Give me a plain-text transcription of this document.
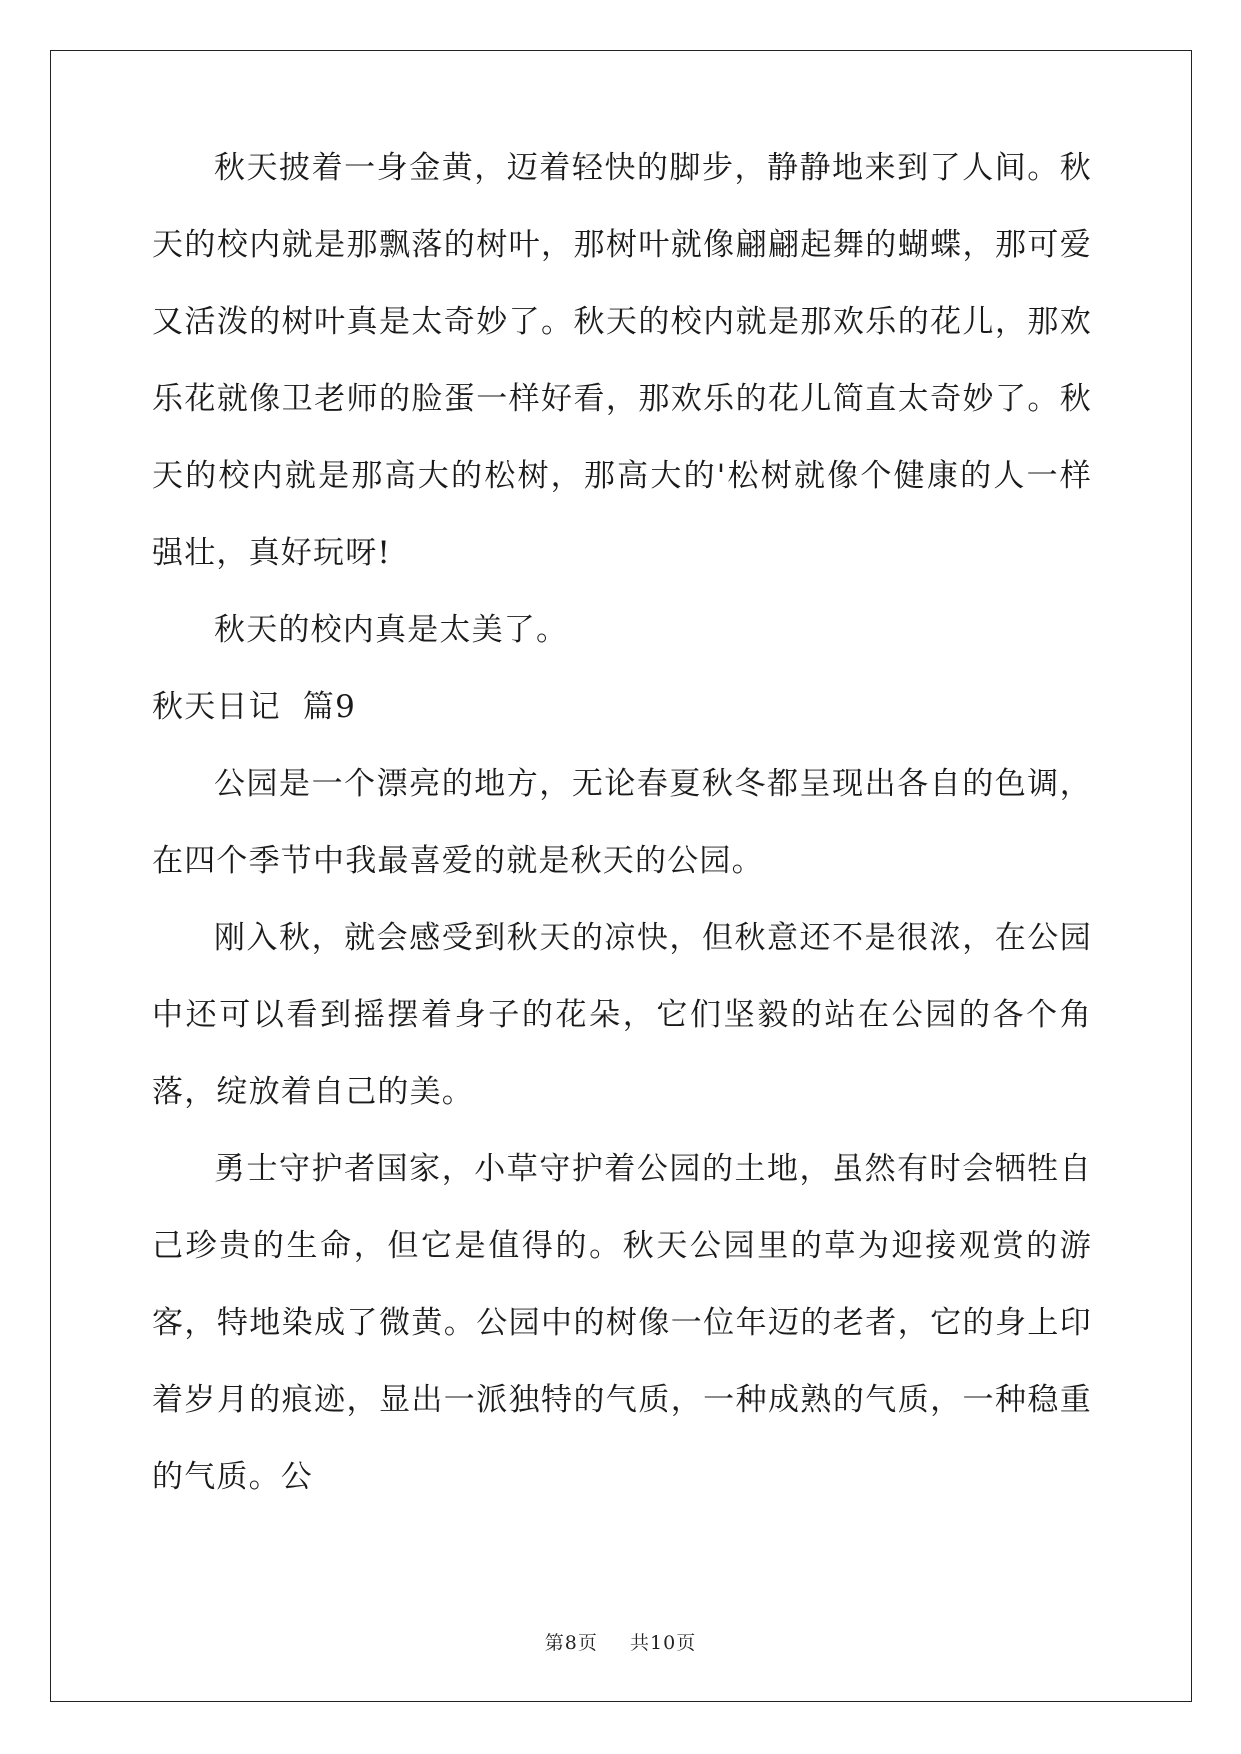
秋天披着一身金黄，迈着轻快的脚步，静静地来到了人间。秋天的校内就是那飘落的树叶，那树叶就像翩翩起舞的蝴蝶，那可爱又活泼的树叶真是太奇妙了。秋天的校内就是那欢乐的花儿，那欢乐花就像卫老师的脸蛋一样好看，那欢乐的花儿简直太奇妙了。秋天的校内就是那高大的松树，那高大的'松树就像个健康的人一样强壮，真好玩呀!

秋天的校内真是太美了。

秋天日记  篇9

公园是一个漂亮的地方，无论春夏秋冬都呈现出各自的色调，在四个季节中我最喜爱的就是秋天的公园。

刚入秋，就会感受到秋天的凉快，但秋意还不是很浓，在公园中还可以看到摇摆着身子的花朵，它们坚毅的站在公园的各个角落，绽放着自己的美。

勇士守护者国家，小草守护着公园的土地，虽然有时会牺牲自己珍贵的生命，但它是值得的。秋天公园里的草为迎接观赏的游客，特地染成了微黄。公园中的树像一位年迈的老者，它的身上印着岁月的痕迹，显出一派独特的气质，一种成熟的气质，一种稳重的气质。公

第8页 共10页
